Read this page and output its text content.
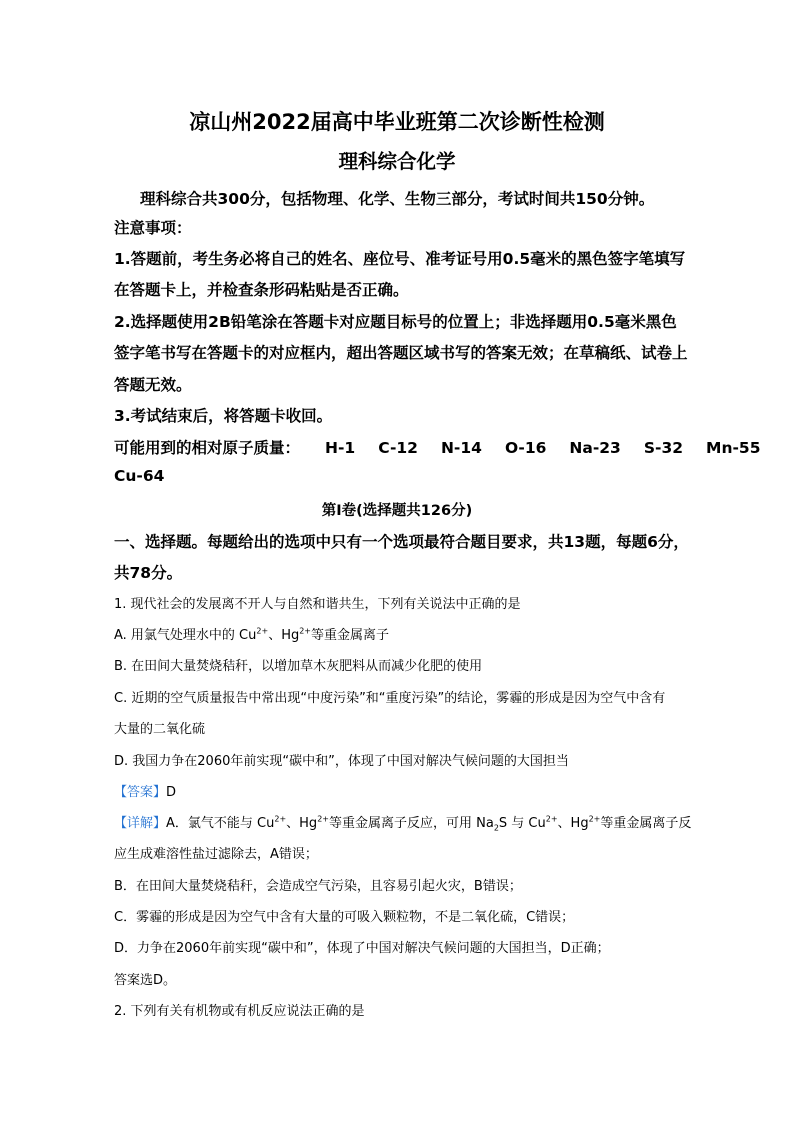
凉山州2022届高中毕业班第二次诊断性检测
理科综合化学
理科综合共300分，包括物理、化学、生物三部分，考试时间共150分钟。
注意事项：
1.答题前，考生务必将自己的姓名、座位号、准考证号用0.5毫米的黑色签字笔填写
在答题卡上，并检查条形码粘贴是否正确。
2.选择题使用2B铅笔涂在答题卡对应题目标号的位置上；非选择题用0.5毫米黑色
签字笔书写在答题卡的对应框内，超出答题区域书写的答案无效；在草稿纸、试卷上
答题无效。
3.考试结束后，将答题卡收回。
可能用到的相对原子质量： H-1 C-12 N-14 O-16 Na-23 S-32 Mn-55
Cu-64
第Ⅰ卷(选择题共126分)
一、选择题。每题给出的选项中只有一个选项最符合题目要求，共13题，每题6分，
共78分。
1. 现代社会的发展离不开人与自然和谐共生，下列有关说法中正确的是
A. 用氯气处理水中的 $Cu^{2+}$、$Hg^{2+}$等重金属离子
B. 在田间大量焚烧秸秆，以增加草木灰肥料从而减少化肥的使用
C. 近期的空气质量报告中常出现“中度污染”和“重度污染”的结论，雾霾的形成是因为空气中含有
大量的二氧化硫
D. 我国力争在2060年前实现“碳中和”，体现了中国对解决气候问题的大国担当
【答案】D
【详解】A．氯气不能与 $Cu^{2+}$、$Hg^{2+}$等重金属离子反应，可用 $Na_2S$ 与 $Cu^{2+}$、$Hg^{2+}$等重金属离子反
应生成难溶性盐过滤除去，A错误；
B．在田间大量焚烧秸秆，会造成空气污染，且容易引起火灾，B错误；
C．雾霾的形成是因为空气中含有大量的可吸入颗粒物，不是二氧化硫，C错误；
D．力争在2060年前实现“碳中和”，体现了中国对解决气候问题的大国担当，D正确；
答案选D。
2. 下列有关有机物或有机反应说法正确的是
